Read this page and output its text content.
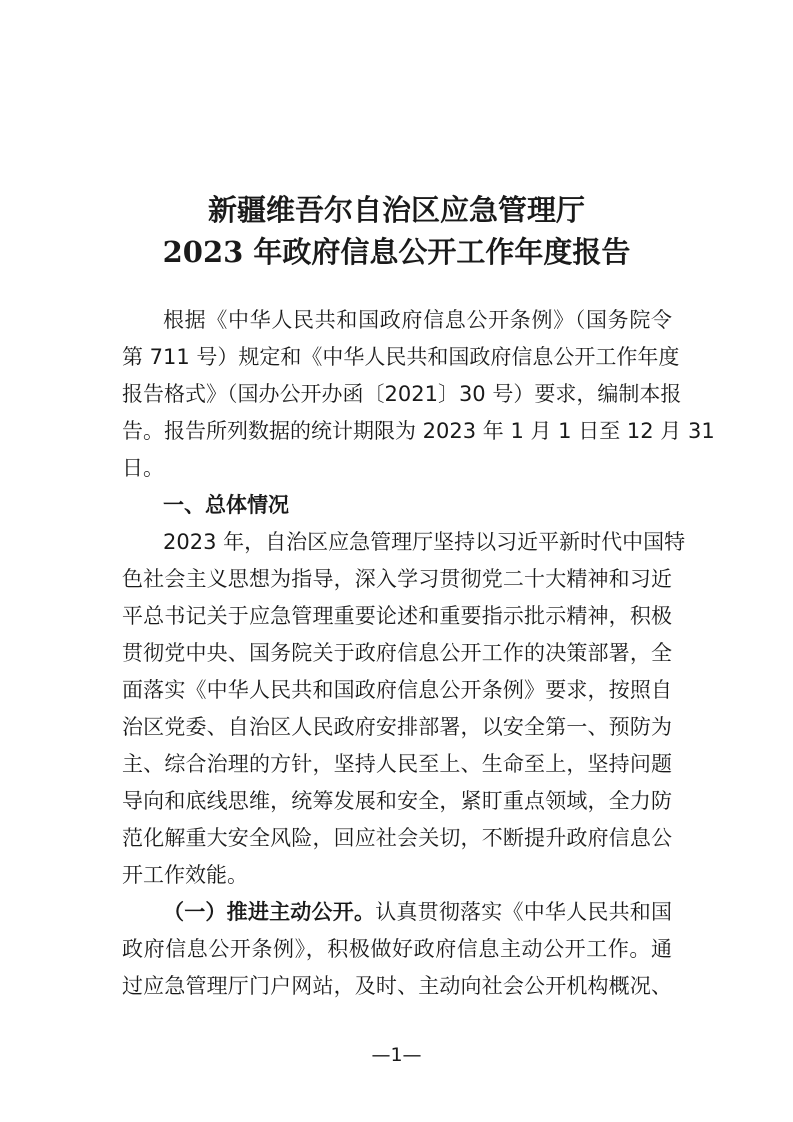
新疆维吾尔自治区应急管理厅
2023 年政府信息公开工作年度报告
根据《中华人民共和国政府信息公开条例》（国务院令
第 711 号）规定和《中华人民共和国政府信息公开工作年度
报告格式》（国办公开办函〔2021〕30 号）要求，编制本报
告。报告所列数据的统计期限为 2023 年 1 月 1 日至 12 月 31
日。
一、总体情况
2023 年，自治区应急管理厅坚持以习近平新时代中国特
色社会主义思想为指导，深入学习贯彻党二十大精神和习近
平总书记关于应急管理重要论述和重要指示批示精神，积极
贯彻党中央、国务院关于政府信息公开工作的决策部署，全
面落实《中华人民共和国政府信息公开条例》要求，按照自
治区党委、自治区人民政府安排部署，以安全第一、预防为
主、综合治理的方针，坚持人民至上、生命至上，坚持问题
导向和底线思维，统筹发展和安全，紧盯重点领域，全力防
范化解重大安全风险，回应社会关切，不断提升政府信息公
开工作效能。
（一）推进主动公开。认真贯彻落实《中华人民共和国
政府信息公开条例》，积极做好政府信息主动公开工作。通
过应急管理厅门户网站，及时、主动向社会公开机构概况、
—1—
